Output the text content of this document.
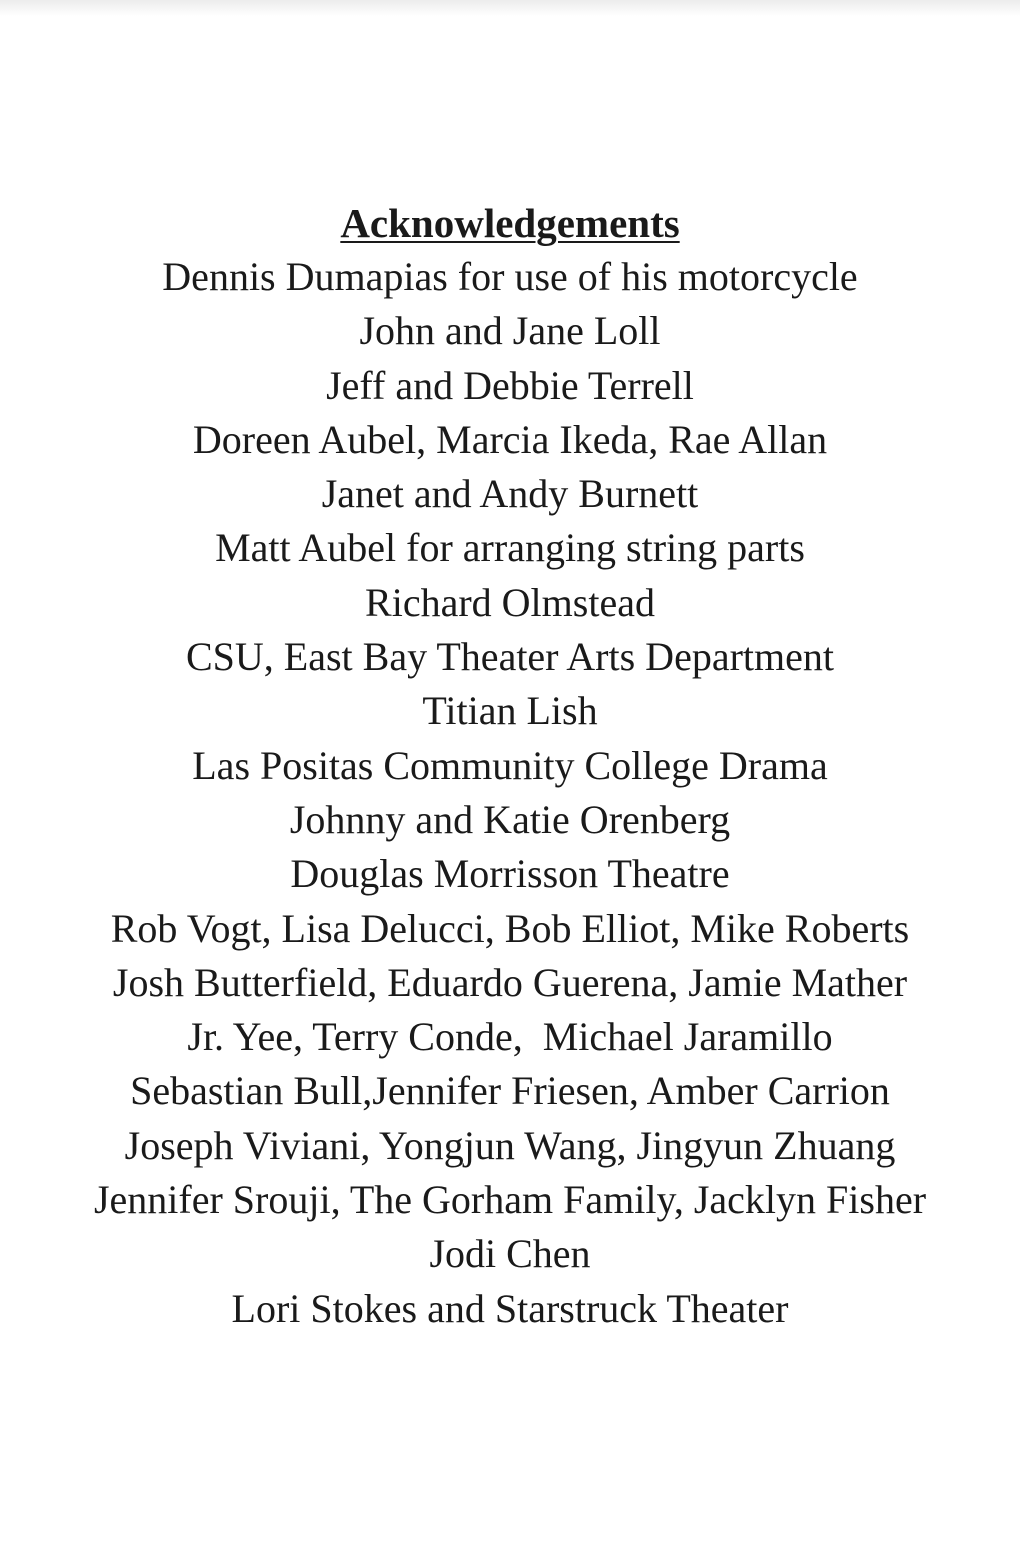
Acknowledgements
Dennis Dumapias for use of his motorcycle
John and Jane Loll
Jeff and Debbie Terrell
Doreen Aubel, Marcia Ikeda, Rae Allan
Janet and Andy Burnett
Matt Aubel for arranging string parts
Richard Olmstead
CSU, East Bay Theater Arts Department
Titian Lish
Las Positas Community College Drama
Johnny and Katie Orenberg
Douglas Morrisson Theatre
Rob Vogt, Lisa Delucci, Bob Elliot, Mike Roberts
Josh Butterfield, Eduardo Guerena, Jamie Mather
Jr. Yee, Terry Conde,  Michael Jaramillo
Sebastian Bull,Jennifer Friesen, Amber Carrion
Joseph Viviani, Yongjun Wang, Jingyun Zhuang
Jennifer Srouji, The Gorham Family, Jacklyn Fisher
Jodi Chen
Lori Stokes and Starstruck Theater
